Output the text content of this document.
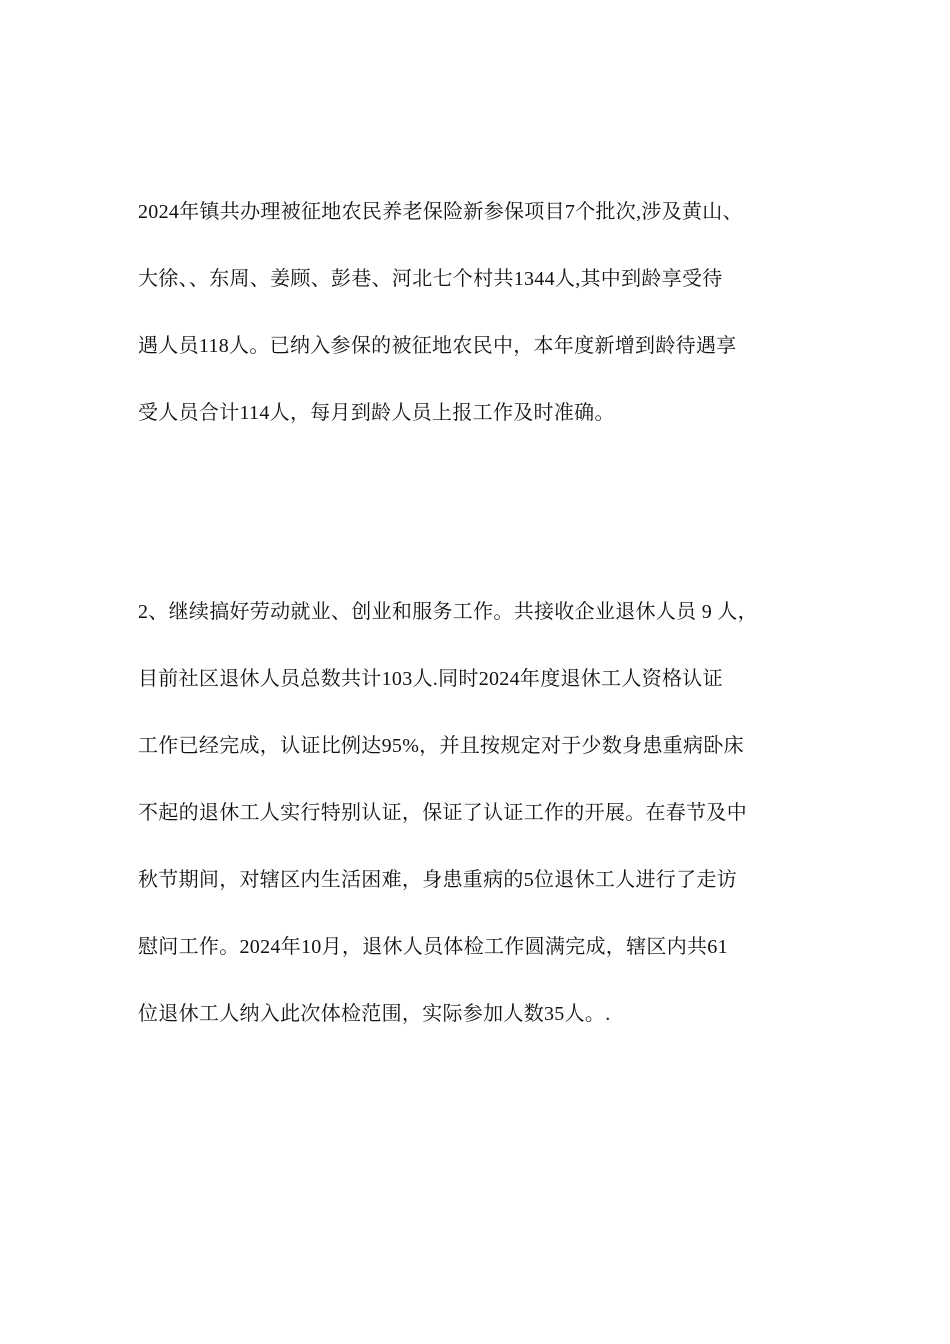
2024年镇共办理被征地农民养老保险新参保项目7个批次,涉及黄山、
大徐、、东周、姜顾、彭巷、河北七个村共1344人,其中到龄享受待
遇人员118人。已纳入参保的被征地农民中，本年度新增到龄待遇享
受人员合计114人，每月到龄人员上报工作及时准确。
2、继续搞好劳动就业、创业和服务工作。共接收企业退休人员 9 人，
目前社区退休人员总数共计103人.同时2024年度退休工人资格认证
工作已经完成，认证比例达95%，并且按规定对于少数身患重病卧床
不起的退休工人实行特别认证，保证了认证工作的开展。在春节及中
秋节期间，对辖区内生活困难，身患重病的5位退休工人进行了走访
慰问工作。2024年10月，退休人员体检工作圆满完成，辖区内共61
位退休工人纳入此次体检范围，实际参加人数35人。.
